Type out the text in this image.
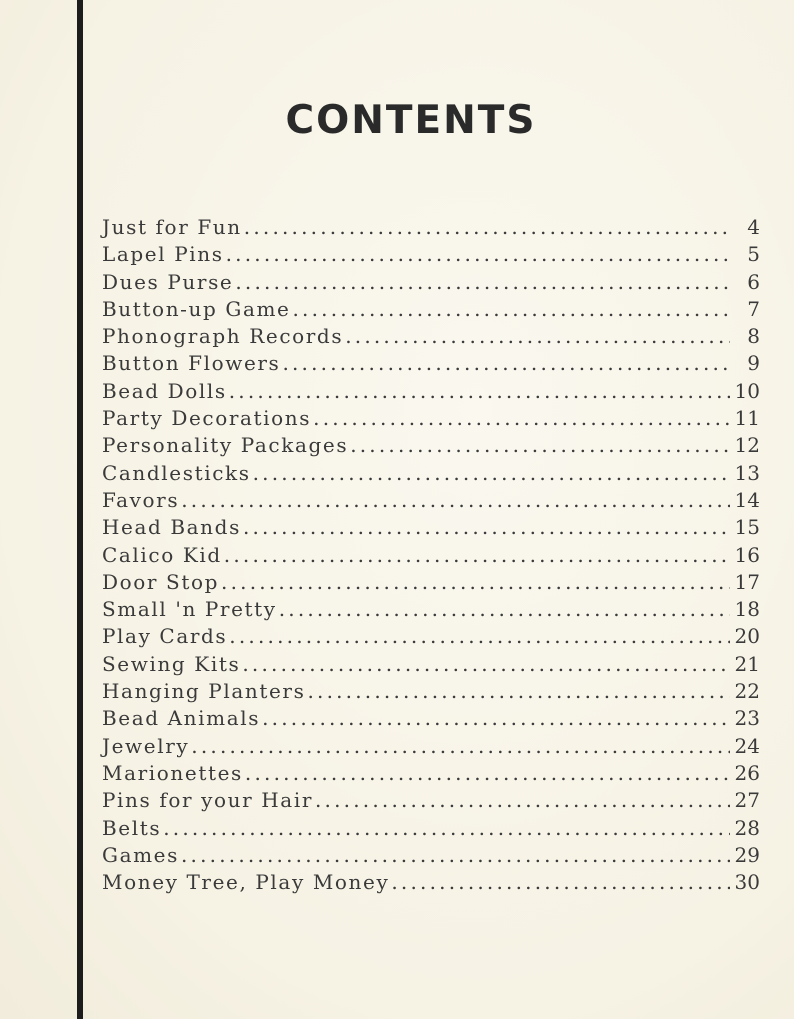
CONTENTS
Just for Fun .....	4
Lapel Pins .....	5
Dues Purse .....	6
Button-up Game .....	7
Phonograph Records .....	8
Button Flowers .....	9
Bead Dolls .....	10
Party Decorations .....	11
Personality Packages .....	12
Candlesticks .....	13
Favors .....	14
Head Bands .....	15
Calico Kid .....	16
Door Stop .....	17
Small 'n Pretty .....	18
Play Cards .....	20
Sewing Kits .....	21
Hanging Planters .....	22
Bead Animals .....	23
Jewelry .....	24
Marionettes .....	26
Pins for your Hair .....	27
Belts .....	28
Games .....	29
Money Tree, Play Money .....	30
